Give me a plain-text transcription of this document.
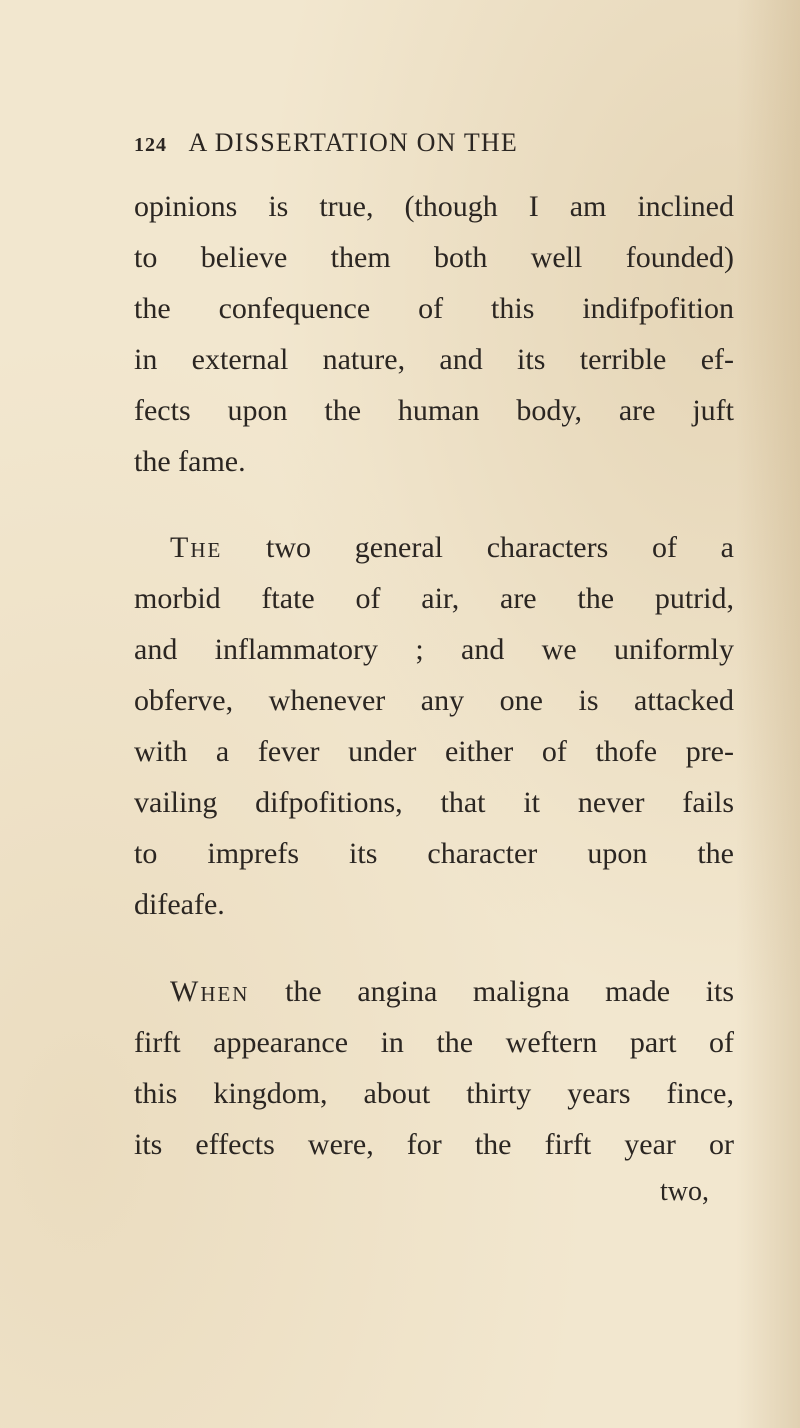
124 A DISSERTATION ON THE
opinions is true, (though I am inclined
to believe them both well founded)
the confequence of this indifpofition
in external nature, and its terrible ef-
fects upon the human body, are juft
the fame.
The two general characters of a
morbid ftate of air, are the putrid,
and inflammatory ; and we uniformly
obferve, whenever any one is attacked
with a fever under either of thofe pre-
vailing difpofitions, that it never fails
to imprefs its character upon the
difeafe.
When the angina maligna made its
firft appearance in the weftern part of
this kingdom, about thirty years fince,
its effects were, for the firft year or
two,
